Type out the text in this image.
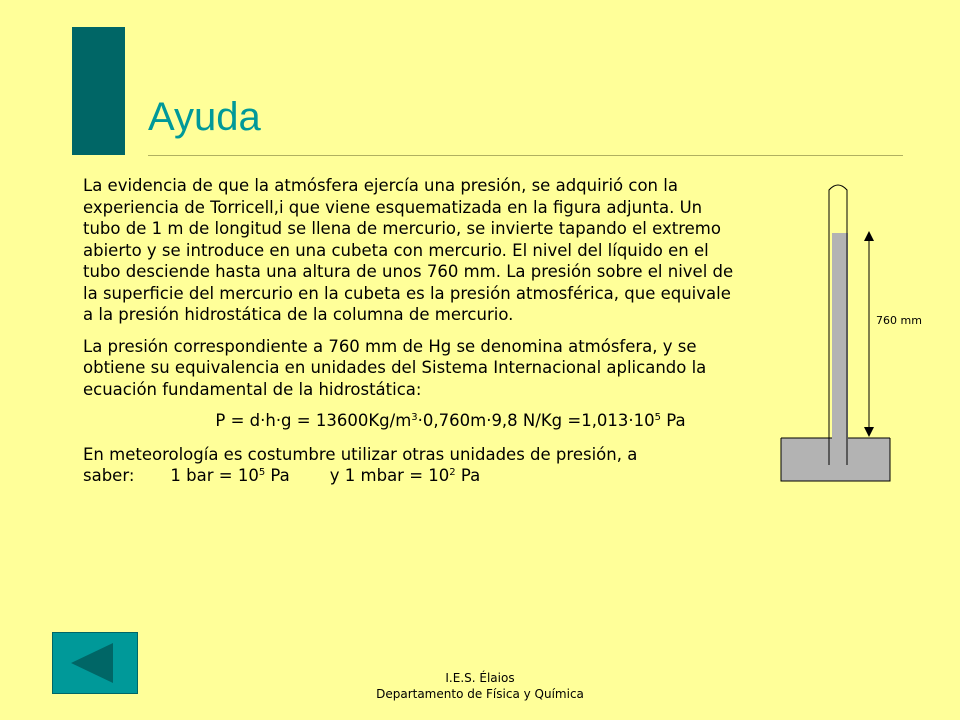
Ayuda

La evidencia de que la atmósfera ejercía una presión, se adquirió con la experiencia de Torricell,i que viene esquematizada en la figura adjunta. Un tubo de 1 m de longitud se llena de mercurio, se invierte tapando el extremo abierto y se introduce en una cubeta con mercurio. El nivel del líquido en el tubo desciende hasta una altura de unos 760 mm. La presión sobre el nivel de la superficie del mercurio en la cubeta es la presión atmosférica, que equivale a la presión hidrostática de la columna de mercurio.

La presión correspondiente a 760 mm de Hg se denomina atmósfera, y se obtiene su equivalencia en unidades del Sistema Internacional aplicando la ecuación fundamental de la hidrostática:

$P = d\cdot h\cdot g = 13600Kg/m^3\cdot 0,760m\cdot 9,8$ $N/Kg =1,013\cdot 10^5$ Pa

En meteorología es costumbre utilizar otras unidades de presión, a

saber: 1 bar = $10^5$ Pa y 1 mbar = $10^2$ Pa

760 mm
I.E.S. Élaios
Departamento de Física y Química
